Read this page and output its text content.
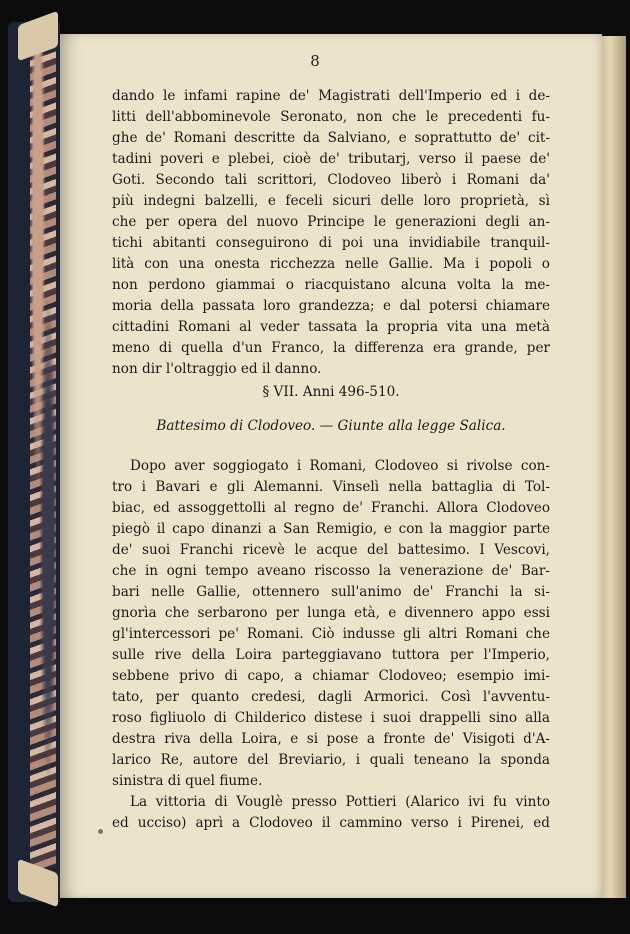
8
dando le infami rapine de' Magistrati dell'Imperio ed i de-
litti dell'abbominevole Seronato, non che le precedenti fu-
ghe de' Romani descritte da Salviano, e soprattutto de' cit-
tadini poveri e plebei, cioè de' tributarj, verso il paese de'
Goti. Secondo tali scrittori, Clodoveo liberò i Romani da'
più indegni balzelli, e feceli sicuri delle loro proprietà, sì
che per opera del nuovo Principe le generazioni degli an-
tichi abitanti conseguirono di poi una invidiabile tranquil-
lità con una onesta ricchezza nelle Gallie. Ma i popoli o
non perdono giammai o riacquistano alcuna volta la me-
moria della passata loro grandezza; e dal potersi chiamare
cittadini Romani al veder tassata la propria vita una metà
meno di quella d'un Franco, la differenza era grande, per
non dir l'oltraggio ed il danno.
§ VII. Anni 496-510.
Battesimo di Clodoveo. — Giunte alla legge Salica.
Dopo aver soggiogato i Romani, Clodoveo si rivolse con-
tro i Bavari e gli Alemanni. Vinselì nella battaglia di Tol-
biac, ed assoggettolli al regno de' Franchi. Allora Clodoveo
piegò il capo dinanzi a San Remigio, e con la maggior parte
de' suoi Franchi ricevè le acque del battesimo. I Vescovi,
che in ogni tempo aveano riscosso la venerazione de' Bar-
bari nelle Gallie, ottennero sull'animo de' Franchi la si-
gnorìa che serbarono per lunga età, e divennero appo essi
gl'intercessori pe' Romani. Ciò indusse gli altri Romani che
sulle rive della Loira parteggiavano tuttora per l'Imperio,
sebbene privo di capo, a chiamar Clodoveo; esempio imi-
tato, per quanto credesi, dagli Armorici. Così l'avventu-
roso figliuolo di Childerico distese i suoi drappelli sino alla
destra riva della Loira, e si pose a fronte de' Visigoti d'A-
larico Re, autore del Breviario, i quali teneano la sponda
sinistra di quel fiume.
La vittoria di Vouglè presso Pottieri (Alarico ivi fu vinto
ed ucciso) aprì a Clodoveo il cammino verso i Pirenei, ed
